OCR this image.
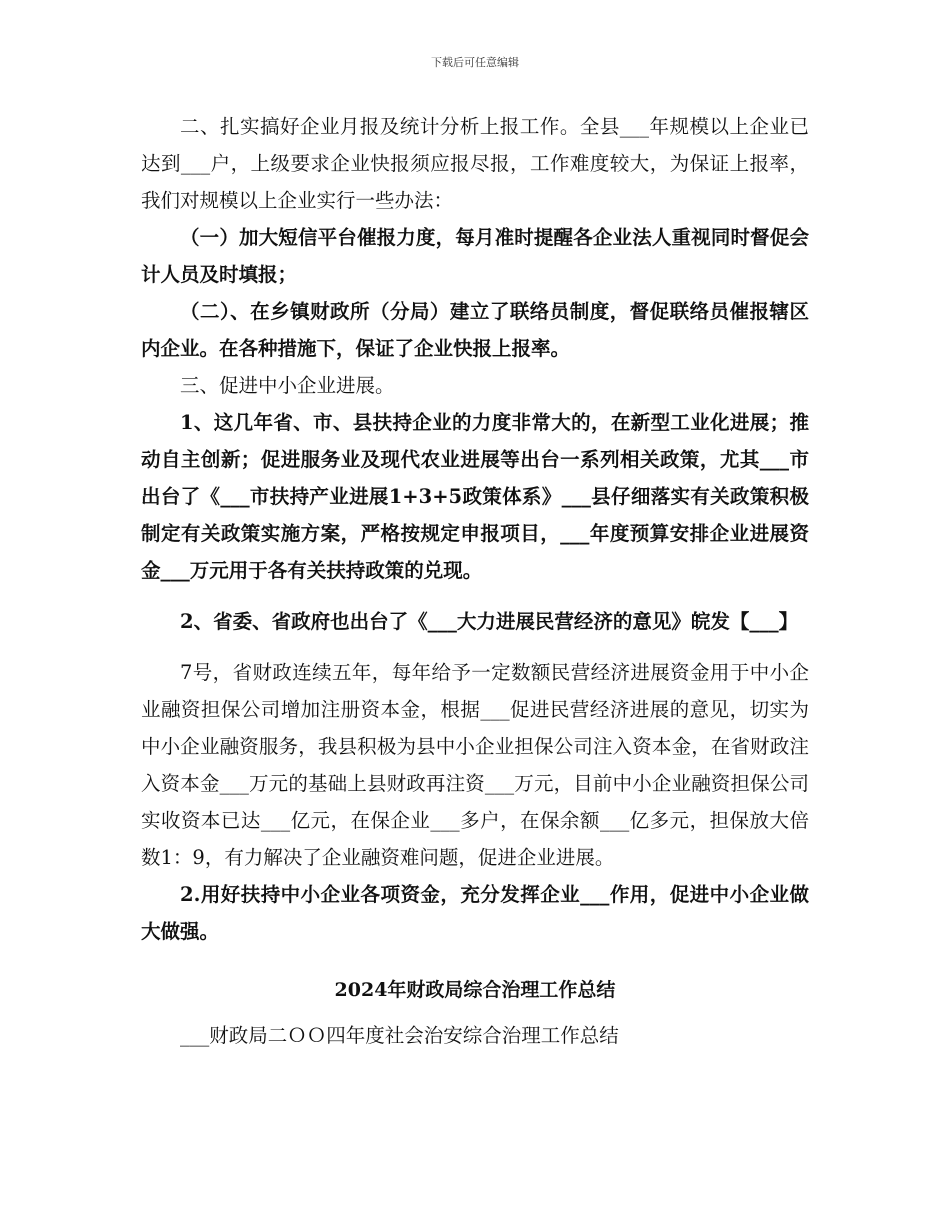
下载后可任意编辑

二、扎实搞好企业月报及统计分析上报工作。全县___年规模以上企业已达到___户，上级要求企业快报须应报尽报，工作难度较大，为保证上报率，我们对规模以上企业实行一些办法：

（一）加大短信平台催报力度，每月准时提醒各企业法人重视同时督促会计人员及时填报；

（二）、在乡镇财政所（分局）建立了联络员制度，督促联络员催报辖区内企业。在各种措施下，保证了企业快报上报率。

三、促进中小企业进展。

1、这几年省、市、县扶持企业的力度非常大的，在新型工业化进展；推动自主创新；促进服务业及现代农业进展等出台一系列相关政策，尤其___市出台了《___市扶持产业进展1+3+5政策体系》___县仔细落实有关政策积极制定有关政策实施方案，严格按规定申报项目，___年度预算安排企业进展资金___万元用于各有关扶持政策的兑现。

2、省委、省政府也出台了《___大力进展民营经济的意见》皖发【___】

7号，省财政连续五年，每年给予一定数额民营经济进展资金用于中小企业融资担保公司增加注册资本金，根据___促进民营经济进展的意见，切实为中小企业融资服务，我县积极为县中小企业担保公司注入资本金，在省财政注入资本金___万元的基础上县财政再注资___万元，目前中小企业融资担保公司实收资本已达___亿元，在保企业___多户，在保余额___亿多元，担保放大倍数1：9，有力解决了企业融资难问题，促进企业进展。

2.用好扶持中小企业各项资金，充分发挥企业___作用，促进中小企业做大做强。

2024年财政局综合治理工作总结

___财政局二ＯＯ四年度社会治安综合治理工作总结
